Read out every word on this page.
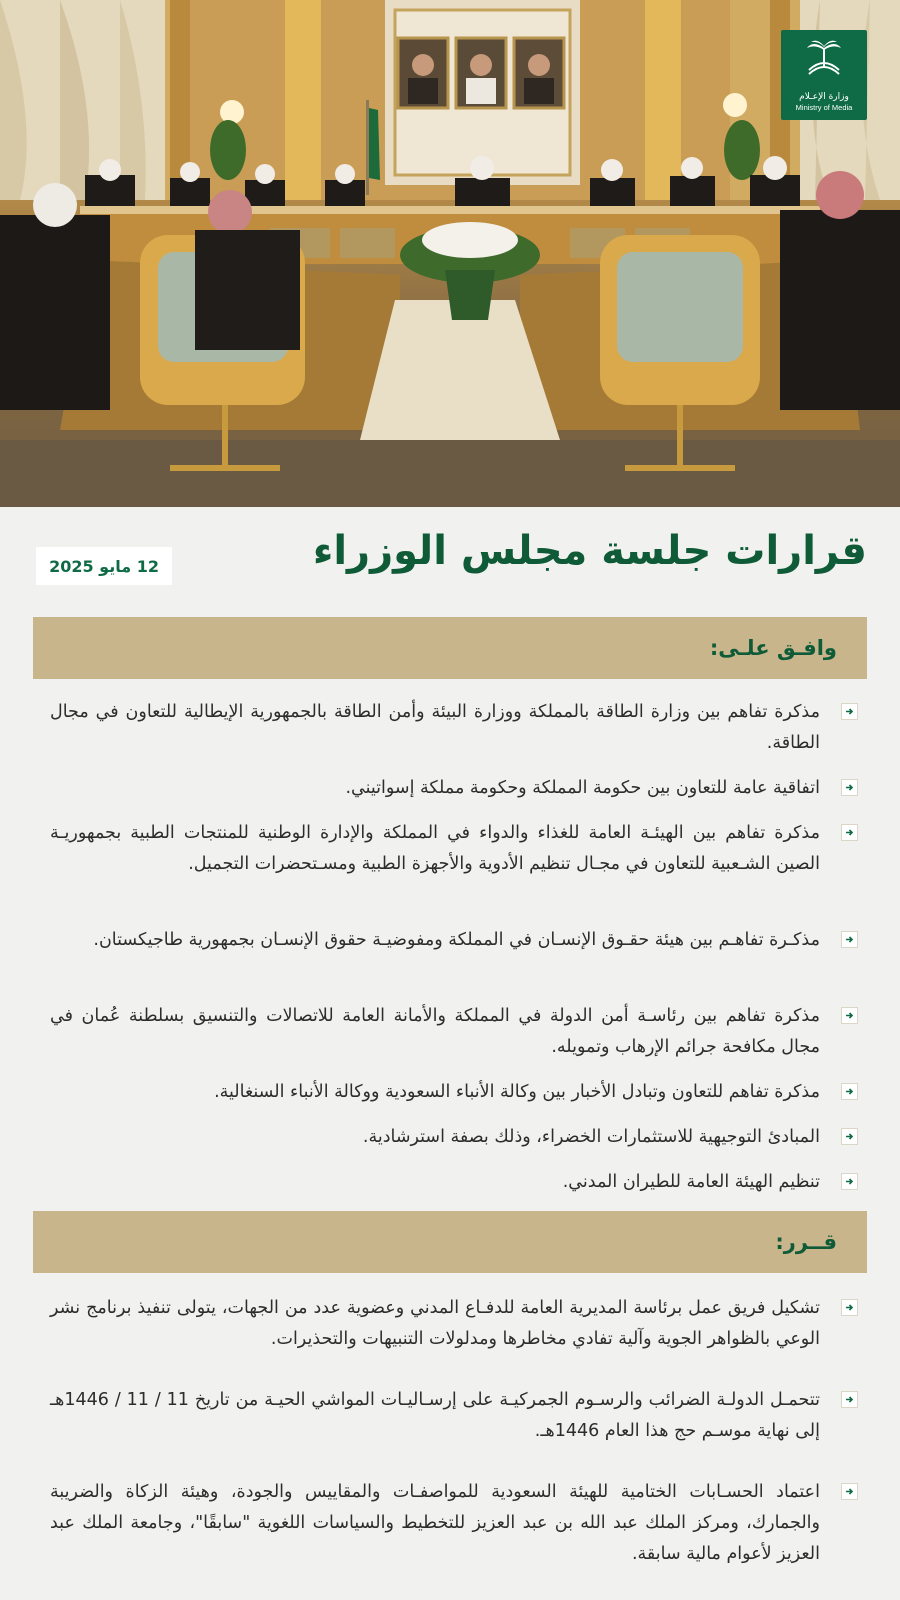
وزارة الإعـلام
Ministry of Media
قرارات جلسة مجلس الوزراء
12 مايو 2025
وافـق علـى:
مذكرة تفاهم بين وزارة الطاقة بالمملكة ووزارة البيئة وأمن الطاقة بالجمهورية الإيطالية للتعاون في مجال الطاقة.
اتفاقية عامة للتعاون بين حكومة المملكة وحكومة مملكة إسواتيني.
مذكرة تفاهم بين الهيئـة العامة للغذاء والدواء في المملكة والإدارة الوطنية للمنتجات الطبية بجمهوريـة الصين الشـعبية للتعاون في مجـال تنظيم الأدوية والأجهزة الطبية ومسـتحضرات التجميل.
مذكـرة تفاهـم بين هيئة حقـوق الإنسـان في المملكة ومفوضيـة حقوق الإنسـان بجمهورية طاجيكستان.
مذكرة تفاهم بين رئاسـة أمن الدولة في المملكة والأمانة العامة للاتصالات والتنسيق بسلطنة عُمان في مجال مكافحة جرائم الإرهاب وتمويله.
مذكرة تفاهم للتعاون وتبادل الأخبار بين وكالة الأنباء السعودية ووكالة الأنباء السنغالية.
المبادئ التوجيهية للاستثمارات الخضراء، وذلك بصفة استرشادية.
تنظيم الهيئة العامة للطيران المدني.
قــرر:
تشكيل فريق عمل برئاسة المديرية العامة للدفـاع المدني وعضوية عدد من الجهات، يتولى تنفيذ برنامج نشر الوعي بالظواهر الجوية وآلية تفادي مخاطرها ومدلولات التنبيهات والتحذيرات.
تتحمـل الدولـة الضرائب والرسـوم الجمركيـة على إرسـاليـات المواشي الحيـة من تاريخ 11 / 11 / 1446هـ إلى نهاية موسـم حج هذا العام 1446هـ.
اعتماد الحسـابات الختامية للهيئة السعودية للمواصفـات والمقاييس والجودة، وهيئة الزكاة والضريبة والجمارك، ومركز الملك عبد الله بن عبد العزيز للتخطيط والسياسات اللغوية "سابقًا"، وجامعة الملك عبد العزيز لأعوام مالية سابقة.
